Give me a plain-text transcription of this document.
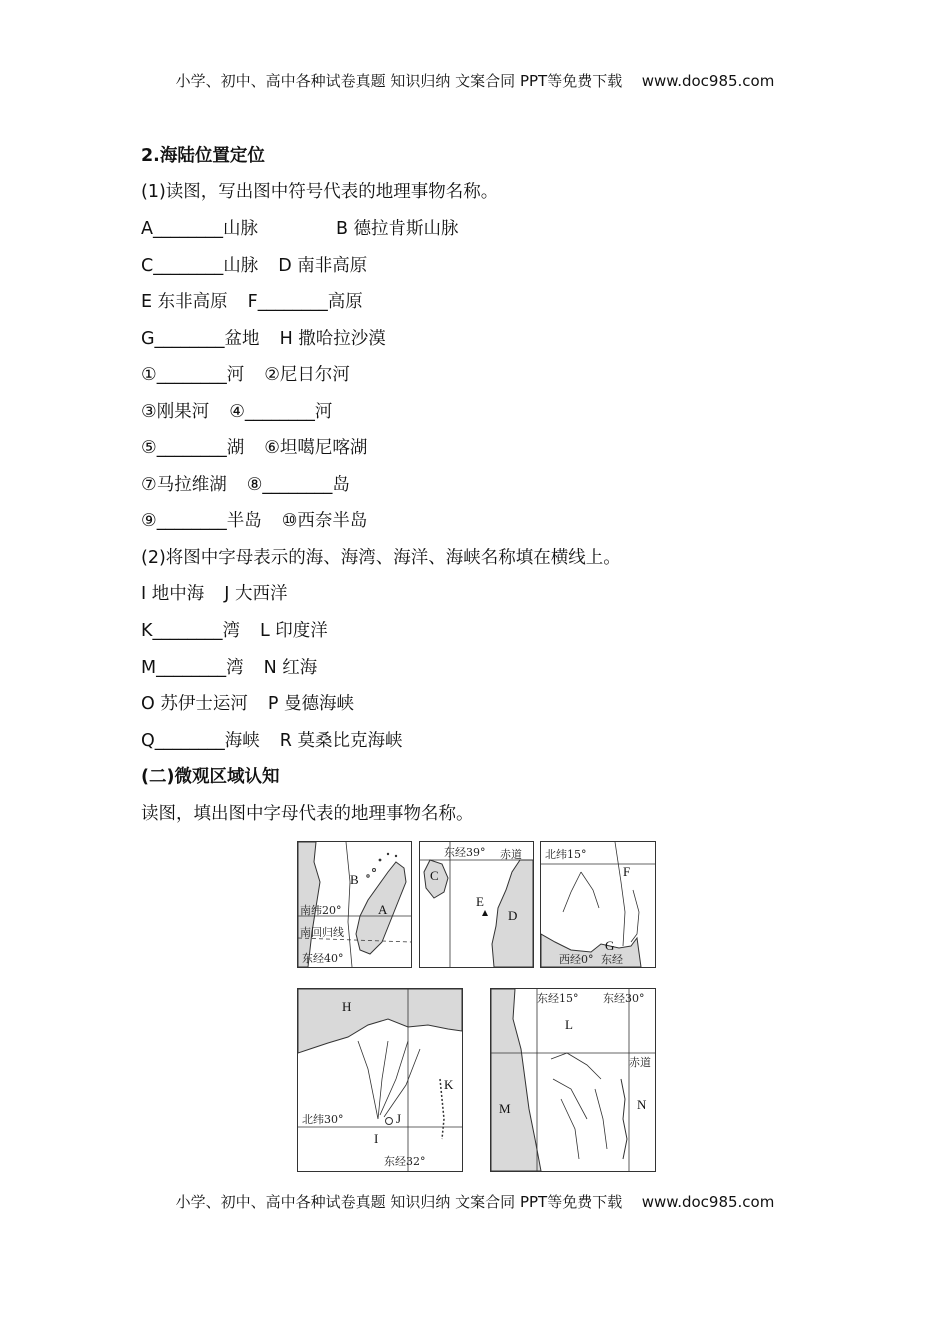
小学、初中、高中各种试卷真题 知识归纳 文案合同 PPT等免费下载 www.doc985.com
小学、初中、高中各种试卷真题 知识归纳 文案合同 PPT等免费下载 www.doc985.com
2.海陆位置定位
(1)读图，写出图中符号代表的地理事物名称。
A________山脉	B 德拉肯斯山脉
C________山脉 D 南非高原
E 东非高原 F________高原
G________盆地 H 撒哈拉沙漠
①________河 ②尼日尔河
③刚果河 ④________河
⑤________湖 ⑥坦噶尼喀湖
⑦马拉维湖 ⑧________岛
⑨________半岛 ⑩西奈半岛
(2)将图中字母表示的海、海湾、海洋、海峡名称填在横线上。
I 地中海 J 大西洋
K________湾 L 印度洋
M________湾 N 红海
O 苏伊士运河 P 曼德海峡
Q________海峡 R 莫桑比克海峡
(二)微观区域认知
读图，填出图中字母代表的地理事物名称。
南纬20°
南回归线
东经40°
B
A
东经39° 赤道
C
E
D
北纬15°
F
G
西经0° 东经
H
K
J
I
北纬30°
东经32°
东经15° 东经30°
赤道
L
M	N
